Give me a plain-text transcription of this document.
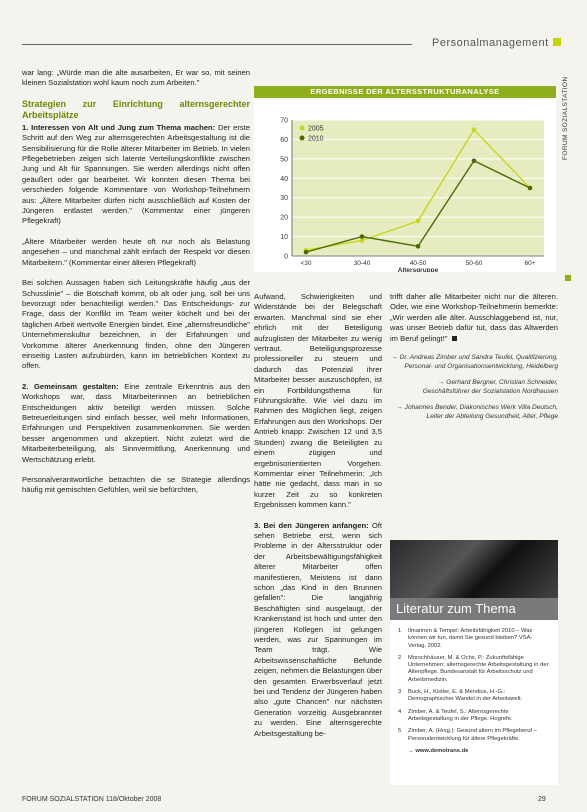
Personalmanagement

war lang: „Würde man die alte ausarbeiten, Er war so, mit seinen kleinen Sozialstation wohl kaum noch zum Arbeiten."

Strategien zur Einrichtung alternsgerechter Arbeitsplätze

1. Interessen von Alt und Jung zum Thema machen: Der erste Schritt auf den Weg zur alternsgerechten Arbeitsgestaltung ist die Sensibilisierung für die Rolle älterer Mitarbeiter im Betrieb. In vielen Pflegebetrieben zeigen sich latente Verteilungskonflikte zwischen Jung und Alt für Spannungen. Sie werden allerdings nicht offen geäußert oder gar bearbeitet. Wir konnten diesen Thema bei verschieden folgende Kommentare von Workshop-Teilnehmern aus: „Ältere Mitarbeiter dürfen nicht ausschließlich auf Kosten der Jüngeren entlastet werden." (Kommentar einer jüngeren Pflegekraft)

„Ältere Mitarbeiter werden heute oft nur noch als Belastung angesehen – und manchmal zählt einfach der Respekt vor diesen Mitarbeitern." (Kommentar einer älteren Pflegekraft)

Bei solchen Aussagen haben sich Leitungskräfte häufig „aus der Schusslinie" – die Botschaft kommt, ob alt oder jung, soll bei uns bevorzugt oder benachteiligt werden." Das Entscheidungs- zur Frage, dass der Konflikt im Team weiter köchelt und bei der täglichen Arbeit wertvolle Energien bindet. Eine „alternsfreundliche" Unternehmenskultur bezeichnen, in der Erfahrungen und Vorkomme älterer Anerkennung finden, ohne den Jüngeren einseitig Lasten aufzubürden, kann im betrieblichen Kontext zu offen.

2. Gemeinsam gestalten: Eine zentrale Erkenntnis aus den Workshops war, dass Mitarbeiterinnen an betrieblichen Entscheidungen aktiv beteiligt werden müssen. Solche Betreuerleitungen sind einfach besser, weil mehr Informationen, Erfahrungen und Perspektiven zusammenkommen. Sie werden besser angenommen und akzeptiert. Nicht zuletzt wird die Mitarbeiterbeteiligung, als Sinnvermittlung, Anerkennung und Wertschätzung erlebt.

Personalverantwortliche betrachten die se Strategie allerdings häufig mit gemischten Gefühlen, weil sie befürchten,

0
10
20
30
40
50
60
70
<30	30-40	40-50	50-60	60+
Altersgruppe
2005
2010
ERGEBNISSE DER ALTERSSTRUKTURANALYSE	FORUM SOZIALSTATION

Aufwand, Schwierigkeiten und Widerstände bei der Belegschaft erwarten. Manchmal sind sie eher ehrlich mit der Beteiligung aufzuglisten der Mitarbeiter zu wenig vertraut. Beteiligungsprozesse professioneller zu steuern und dadurch das Potenzial ihrer Mitarbeiter besser auszuschöpfen, ist ein Fortbildungsthema für Führungskräfte. Wie viel dazu im Rahmen des Möglichen liegt, zeigen Erfahrungen aus den Workshops. Der Antrieb knapp: Zwischen 12 und 3,5 Stunden) zwang die Beteiligten zu einem zügigen und ergebnisorientierten Vorgehen. Kommentar einer Teilnehmerin: „Ich hätte nie gedacht, dass man in so kurzer Zeit zu so konkreten Ergebnissen kommen kann."

3. Bei den Jüngeren anfangen: Oft sehen Betriebe erst, wenn sich Probleme in der Altersstruktur oder der Arbeitsbewältigungsfähigkeit älterer Mitarbeiter offen manifestieren, Meistens ist dann schon „das Kind in den Brunnen gefallen": Die langjährig Beschäftigten sind ausgelaugt, der Krankenstand ist hoch und unter den jüngeren Kollegen ist gelungen werden, was zur Spannungen im Team trägt. Wie Arbeitswissenschaftliche Befunde zeigen, nehmen die Belastungen über den gesamten Erwerbsverlauf jetzt bei und Tendenz der Jüngeren haben also „gute Chancen" nur nächsten Generation vorzeitig Ausgebrannter zu werden. Eine alternsgerechte Arbeitsgestaltung be-

trifft daher alle Mitarbeiter nicht nur die älteren. Oder, wie eine Workshop-Teilnehmerin bemerkte: „Wir werden alle älter. Ausschlaggebend ist, nur, was unser Betrieb dafür tut, dass das Altwerden im Beruf gelingt!"

→ Dr. Andreas Zimber und Sandra Teufel, Qualifizierung, Personal- und Organisationsentwicklung, Heidelberg
→ Gerhard Bergner, Christian Schneider, Geschäftsführer der Sozialstation Nordhausen
→ Johannes Bender, Diakonisches Werk Villa Deutsch, Leiter der Abteilung Gesundheit, Alter, Pflege
Literatur zum Thema
1 Ilmarinen & Tempel: Arbeitsfähigkeit 2010 – Was können wir tun, damit Sie gesund bleiben? VSA-Verlag, 2002.
2 Morschhäuser, M. & Ochs, P.: Zukunftsfähige Unternehmen: alternsgerechte Arbeitsgestaltung in der Altenpflege. Bundesanstalt für Arbeitsschutz und Arbeitsmedizin.
3 Buck, H., Kistler, E. & Mendius, H.-G.: Demographischer Wandel in der Arbeitswelt.
4 Zimber, A. & Teufel, S.: Alternsgerechte Arbeitsgestaltung in der Pflege. Hogrefe.
5 Zimber, A. (Hrsg.): Gesund altern im Pflegeberuf – Personalentwicklung für ältere Pflegekräfte.
→ www.demotrans.de
FORUM SOZIALSTATION 118/Oktober 2008	29
